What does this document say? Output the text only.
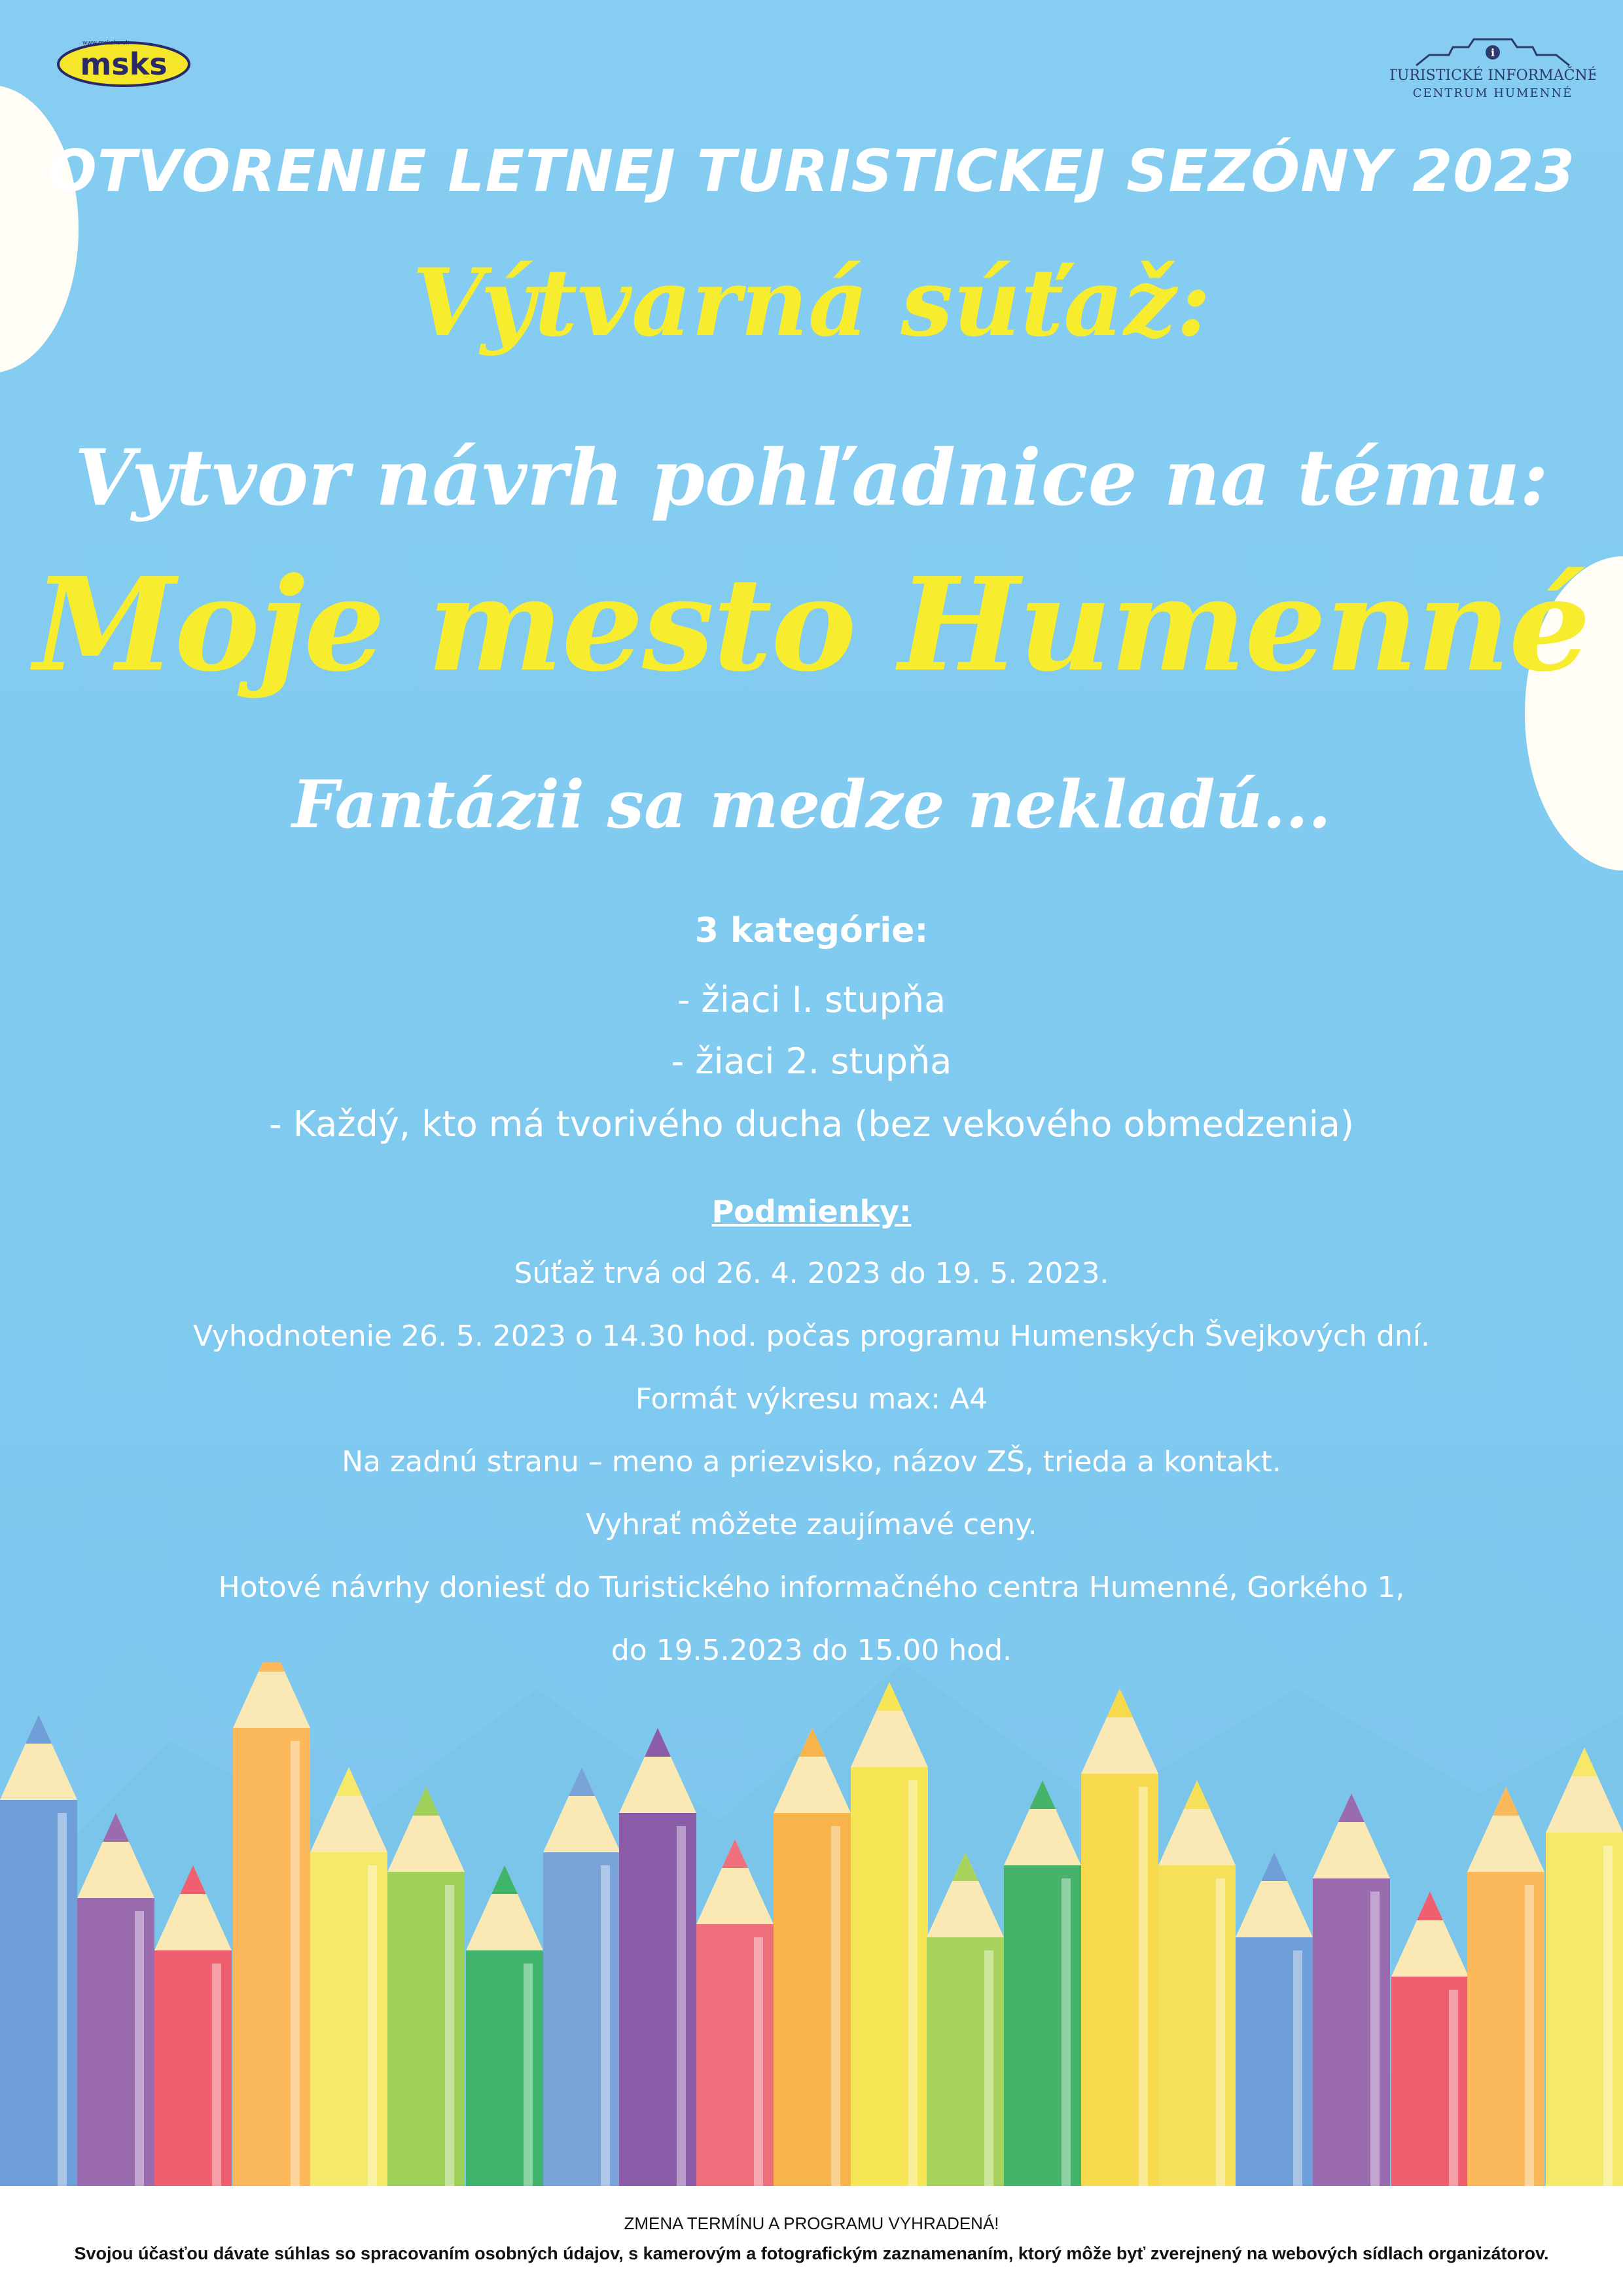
msks
www.msksha.sk
i
TURISTICKÉ INFORMAČNÉ
CENTRUM HUMENNÉ
OTVORENIE LETNEJ TURISTICKEJ SEZÓNY 2023
Výtvarná súťaž:
Vytvor návrh pohľadnice na tému:
Moje mesto Humenné
Fantázii sa medze nekladú...
3 kategórie:
- žiaci I. stupňa
- žiaci 2. stupňa
- Každý, kto má tvorivého ducha (bez vekového obmedzenia)
Podmienky:
Súťaž trvá od 26. 4. 2023 do 19. 5. 2023.
Vyhodnotenie 26. 5. 2023 o 14.30 hod. počas programu Humenských Švejkových dní.
Formát výkresu max: A4
Na zadnú stranu – meno a priezvisko, názov ZŠ, trieda a kontakt.
Vyhrať môžete zaujímavé ceny.
Hotové návrhy doniesť do Turistického informačného centra Humenné, Gorkého 1,
do 19.5.2023 do 15.00 hod.
ZMENA TERMÍNU A PROGRAMU VYHRADENÁ!
Svojou účasťou dávate súhlas so spracovaním osobných údajov, s kamerovým a fotografickým zaznamenaním, ktorý môže byť zverejnený na webových sídlach organizátorov.
